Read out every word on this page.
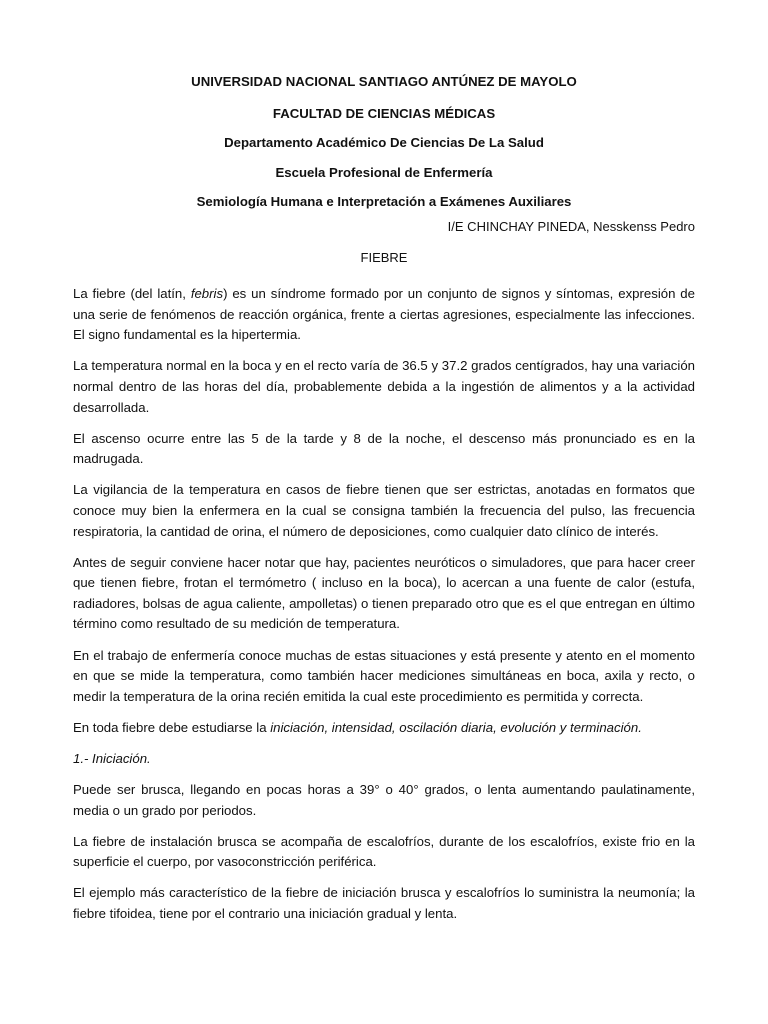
UNIVERSIDAD NACIONAL SANTIAGO ANTÚNEZ DE MAYOLO

FACULTAD DE CIENCIAS MÉDICAS

Departamento Académico De Ciencias De La Salud

Escuela Profesional de Enfermería

Semiología Humana e Interpretación a Exámenes Auxiliares

I/E CHINCHAY PINEDA, Nesskenss Pedro
FIEBRE

La fiebre (del latín, febris) es un síndrome formado por un conjunto de signos y síntomas, expresión de una serie de fenómenos de reacción orgánica, frente a ciertas agresiones, especialmente las infecciones. El signo fundamental es la hipertermia.

La temperatura normal en la boca y en el recto varía de 36.5 y 37.2 grados centígrados, hay una variación normal dentro de las horas del día, probablemente debida a la ingestión de alimentos y a la actividad desarrollada.

El ascenso ocurre entre las 5 de la tarde y 8 de la noche, el descenso más pronunciado es en la madrugada.

La vigilancia de la temperatura en casos de fiebre tienen que ser estrictas, anotadas en formatos que conoce muy bien la enfermera en la cual se consigna también la frecuencia del pulso, las frecuencia respiratoria, la cantidad de orina, el número de deposiciones, como cualquier dato clínico de interés.

Antes de seguir conviene hacer notar que hay, pacientes neuróticos o simuladores, que para hacer creer que tienen fiebre, frotan el termómetro ( incluso en la boca), lo acercan a una fuente de calor (estufa, radiadores, bolsas de agua caliente, ampolletas) o tienen preparado otro que es el que entregan en último término como resultado de su medición de temperatura.

En el trabajo de enfermería conoce muchas de estas situaciones y está presente y atento en el momento en que se mide la temperatura, como también hacer mediciones simultáneas en boca, axila y recto, o medir la temperatura de la orina recién emitida la cual este procedimiento es permitida y correcta.

En toda fiebre debe estudiarse la iniciación, intensidad, oscilación diaria, evolución y terminación.

1.- Iniciación.

Puede ser brusca, llegando en pocas horas a 39° o 40° grados, o lenta aumentando paulatinamente, media o un grado por periodos.

La fiebre de instalación brusca se acompaña de escalofríos, durante de los escalofríos, existe frio en la superficie el cuerpo, por vasoconstricción periférica.

El ejemplo más característico de la fiebre de iniciación brusca y escalofríos lo suministra la neumonía; la fiebre tifoidea, tiene por el contrario una iniciación gradual y lenta.
